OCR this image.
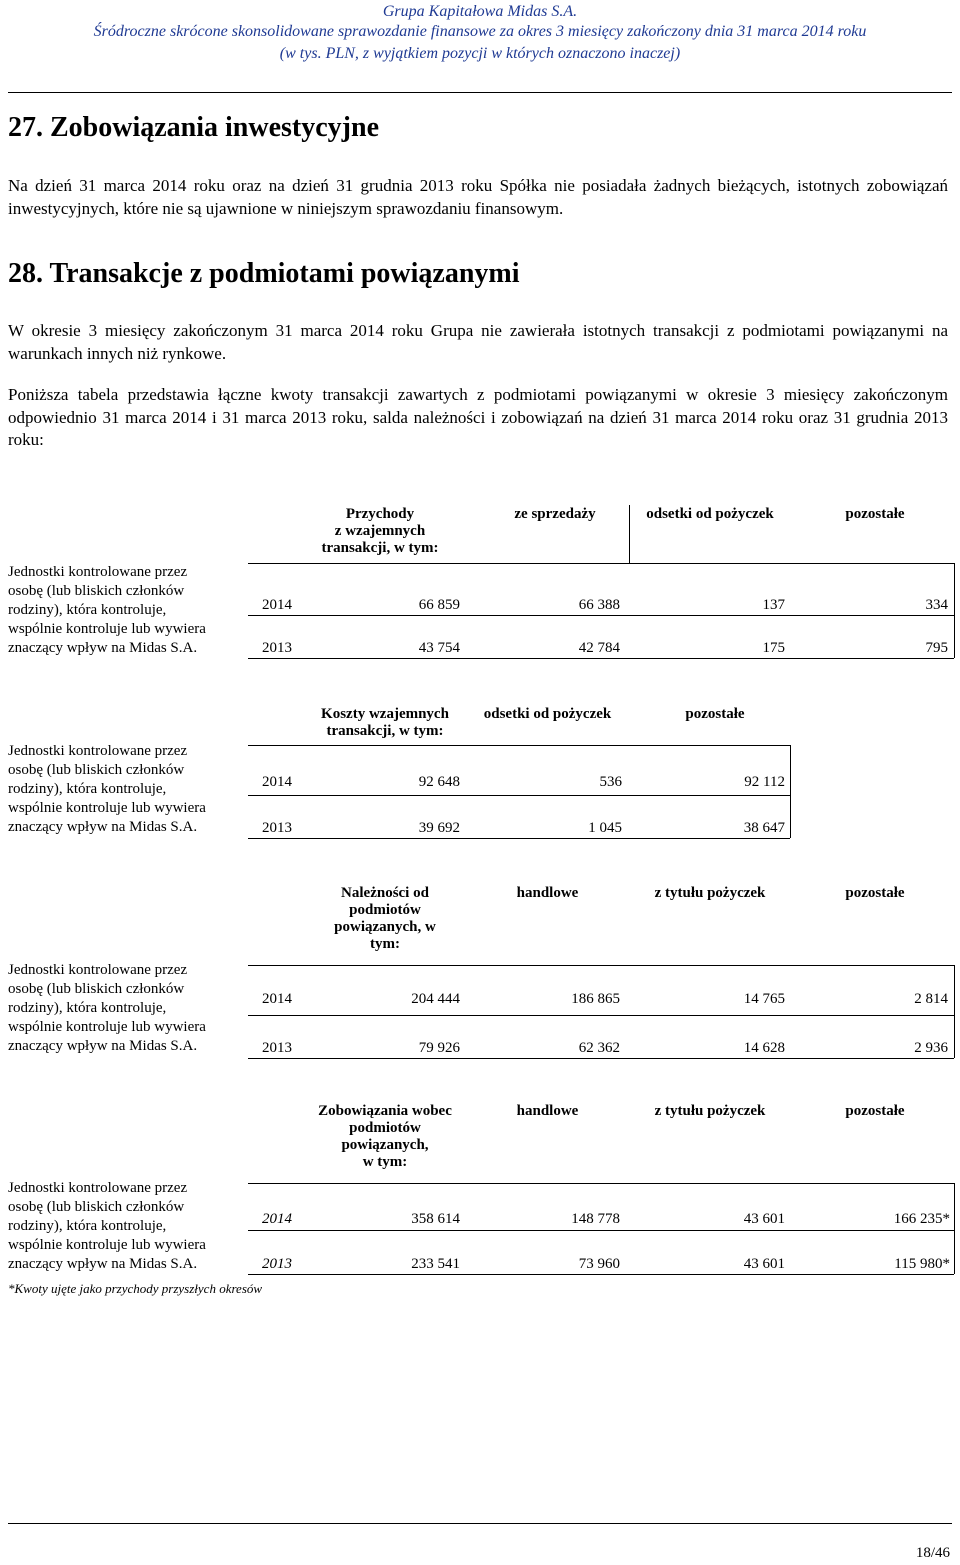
Grupa Kapitałowa Midas S.A.
Śródroczne skrócone skonsolidowane sprawozdanie finansowe za okres 3 miesięcy zakończony dnia 31 marca 2014 roku
(w tys. PLN, z wyjątkiem pozycji w których oznaczono inaczej)
27. Zobowiązania inwestycyjne
Na dzień 31 marca 2014 roku oraz na dzień 31 grudnia 2013 roku Spółka nie posiadała żadnych bieżących, istotnych zobowiązań inwestycyjnych, które nie są ujawnione w niniejszym sprawozdaniu finansowym.
28. Transakcje z podmiotami powiązanymi
W okresie 3 miesięcy zakończonym 31 marca 2014 roku Grupa nie zawierała istotnych transakcji z podmiotami powiązanymi na warunkach innych niż rynkowe.
Poniższa tabela przedstawia łączne kwoty transakcji zawartych z podmiotami powiązanymi w okresie 3 miesięcy zakończonym odpowiednio 31 marca 2014 i 31 marca 2013 roku, salda należności i zobowiązań na dzień 31 marca 2014 roku oraz 31 grudnia 2013 roku:
Przychody
z wzajemnych
transakcji, w tym:
ze sprzedaży	odsetki od pożyczek	pozostałe
Jednostki kontrolowane przez
osobę (lub bliskich członków
rodziny), która kontroluje,
wspólnie kontroluje lub wywiera
znaczący wpływ na Midas S.A.
2014	66 859	66 388	137	334
2013	43 754	42 784	175	795
Koszty wzajemnych
transakcji, w tym:
odsetki od pożyczek	pozostałe
Jednostki kontrolowane przez
osobę (lub bliskich członków
rodziny), która kontroluje,
wspólnie kontroluje lub wywiera
znaczący wpływ na Midas S.A.
2014	92 648	536	92 112
2013	39 692	1 045	38 647
Należności od
podmiotów
powiązanych, w
tym:
handlowe	z tytułu pożyczek	pozostałe
Jednostki kontrolowane przez
osobę (lub bliskich członków
rodziny), która kontroluje,
wspólnie kontroluje lub wywiera
znaczący wpływ na Midas S.A.
2014	204 444	186 865	14 765	2 814
2013	79 926	62 362	14 628	2 936
Zobowiązania wobec
podmiotów
powiązanych,
w tym:
handlowe	z tytułu pożyczek	pozostałe
Jednostki kontrolowane przez
osobę (lub bliskich członków
rodziny), która kontroluje,
wspólnie kontroluje lub wywiera
znaczący wpływ na Midas S.A.
2014	358 614	148 778	43 601	166 235*
2013	233 541	73 960	43 601	115 980*
*Kwoty ujęte jako przychody przyszłych okresów
18/46
